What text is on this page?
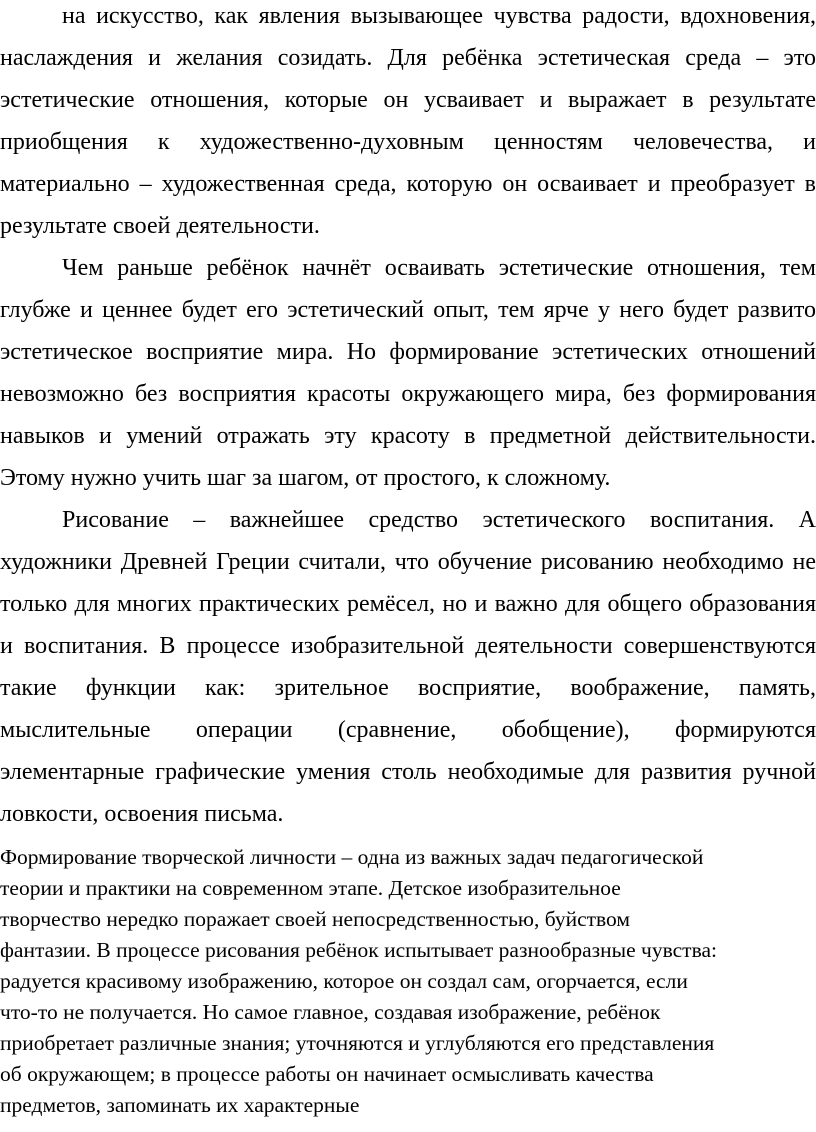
на искусство, как явления вызывающее чувства радости, вдохновения,
наслаждения и желания созидать. Для ребёнка эстетическая среда – это
эстетические отношения, которые он усваивает и выражает в результате
приобщения к художественно-духовным ценностям человечества, и
материально – художественная среда, которую он осваивает и преобразует в
результате своей деятельности.
Чем раньше ребёнок начнёт осваивать эстетические отношения, тем
глубже и ценнее будет его эстетический опыт, тем ярче у него будет развито
эстетическое восприятие мира. Но формирование эстетических отношений
невозможно без восприятия красоты окружающего мира, без формирования
навыков и умений отражать эту красоту в предметной действительности.
Этому нужно учить шаг за шагом, от простого, к сложному.
Рисование – важнейшее средство эстетического воспитания. А
художники Древней Греции считали, что обучение рисованию необходимо не
только для многих практических ремёсел, но и важно для общего образования
и воспитания. В процессе изобразительной деятельности совершенствуются
такие функции как: зрительное восприятие, воображение, память,
мыслительные операции (сравнение, обобщение), формируются
элементарные графические умения столь необходимые для развития ручной
ловкости, освоения письма.
Формирование творческой личности – одна из важных задач педагогической
теории и практики на современном этапе. Детское изобразительное
творчество нередко поражает своей непосредственностью, буйством
фантазии. В процессе рисования ребёнок испытывает разнообразные чувства:
радуется красивому изображению, которое он создал сам, огорчается, если
что-то не получается. Но самое главное, создавая изображение, ребёнок
приобретает различные знания; уточняются и углубляются его представления
об окружающем; в процессе работы он начинает осмысливать качества
предметов, запоминать их характерные
